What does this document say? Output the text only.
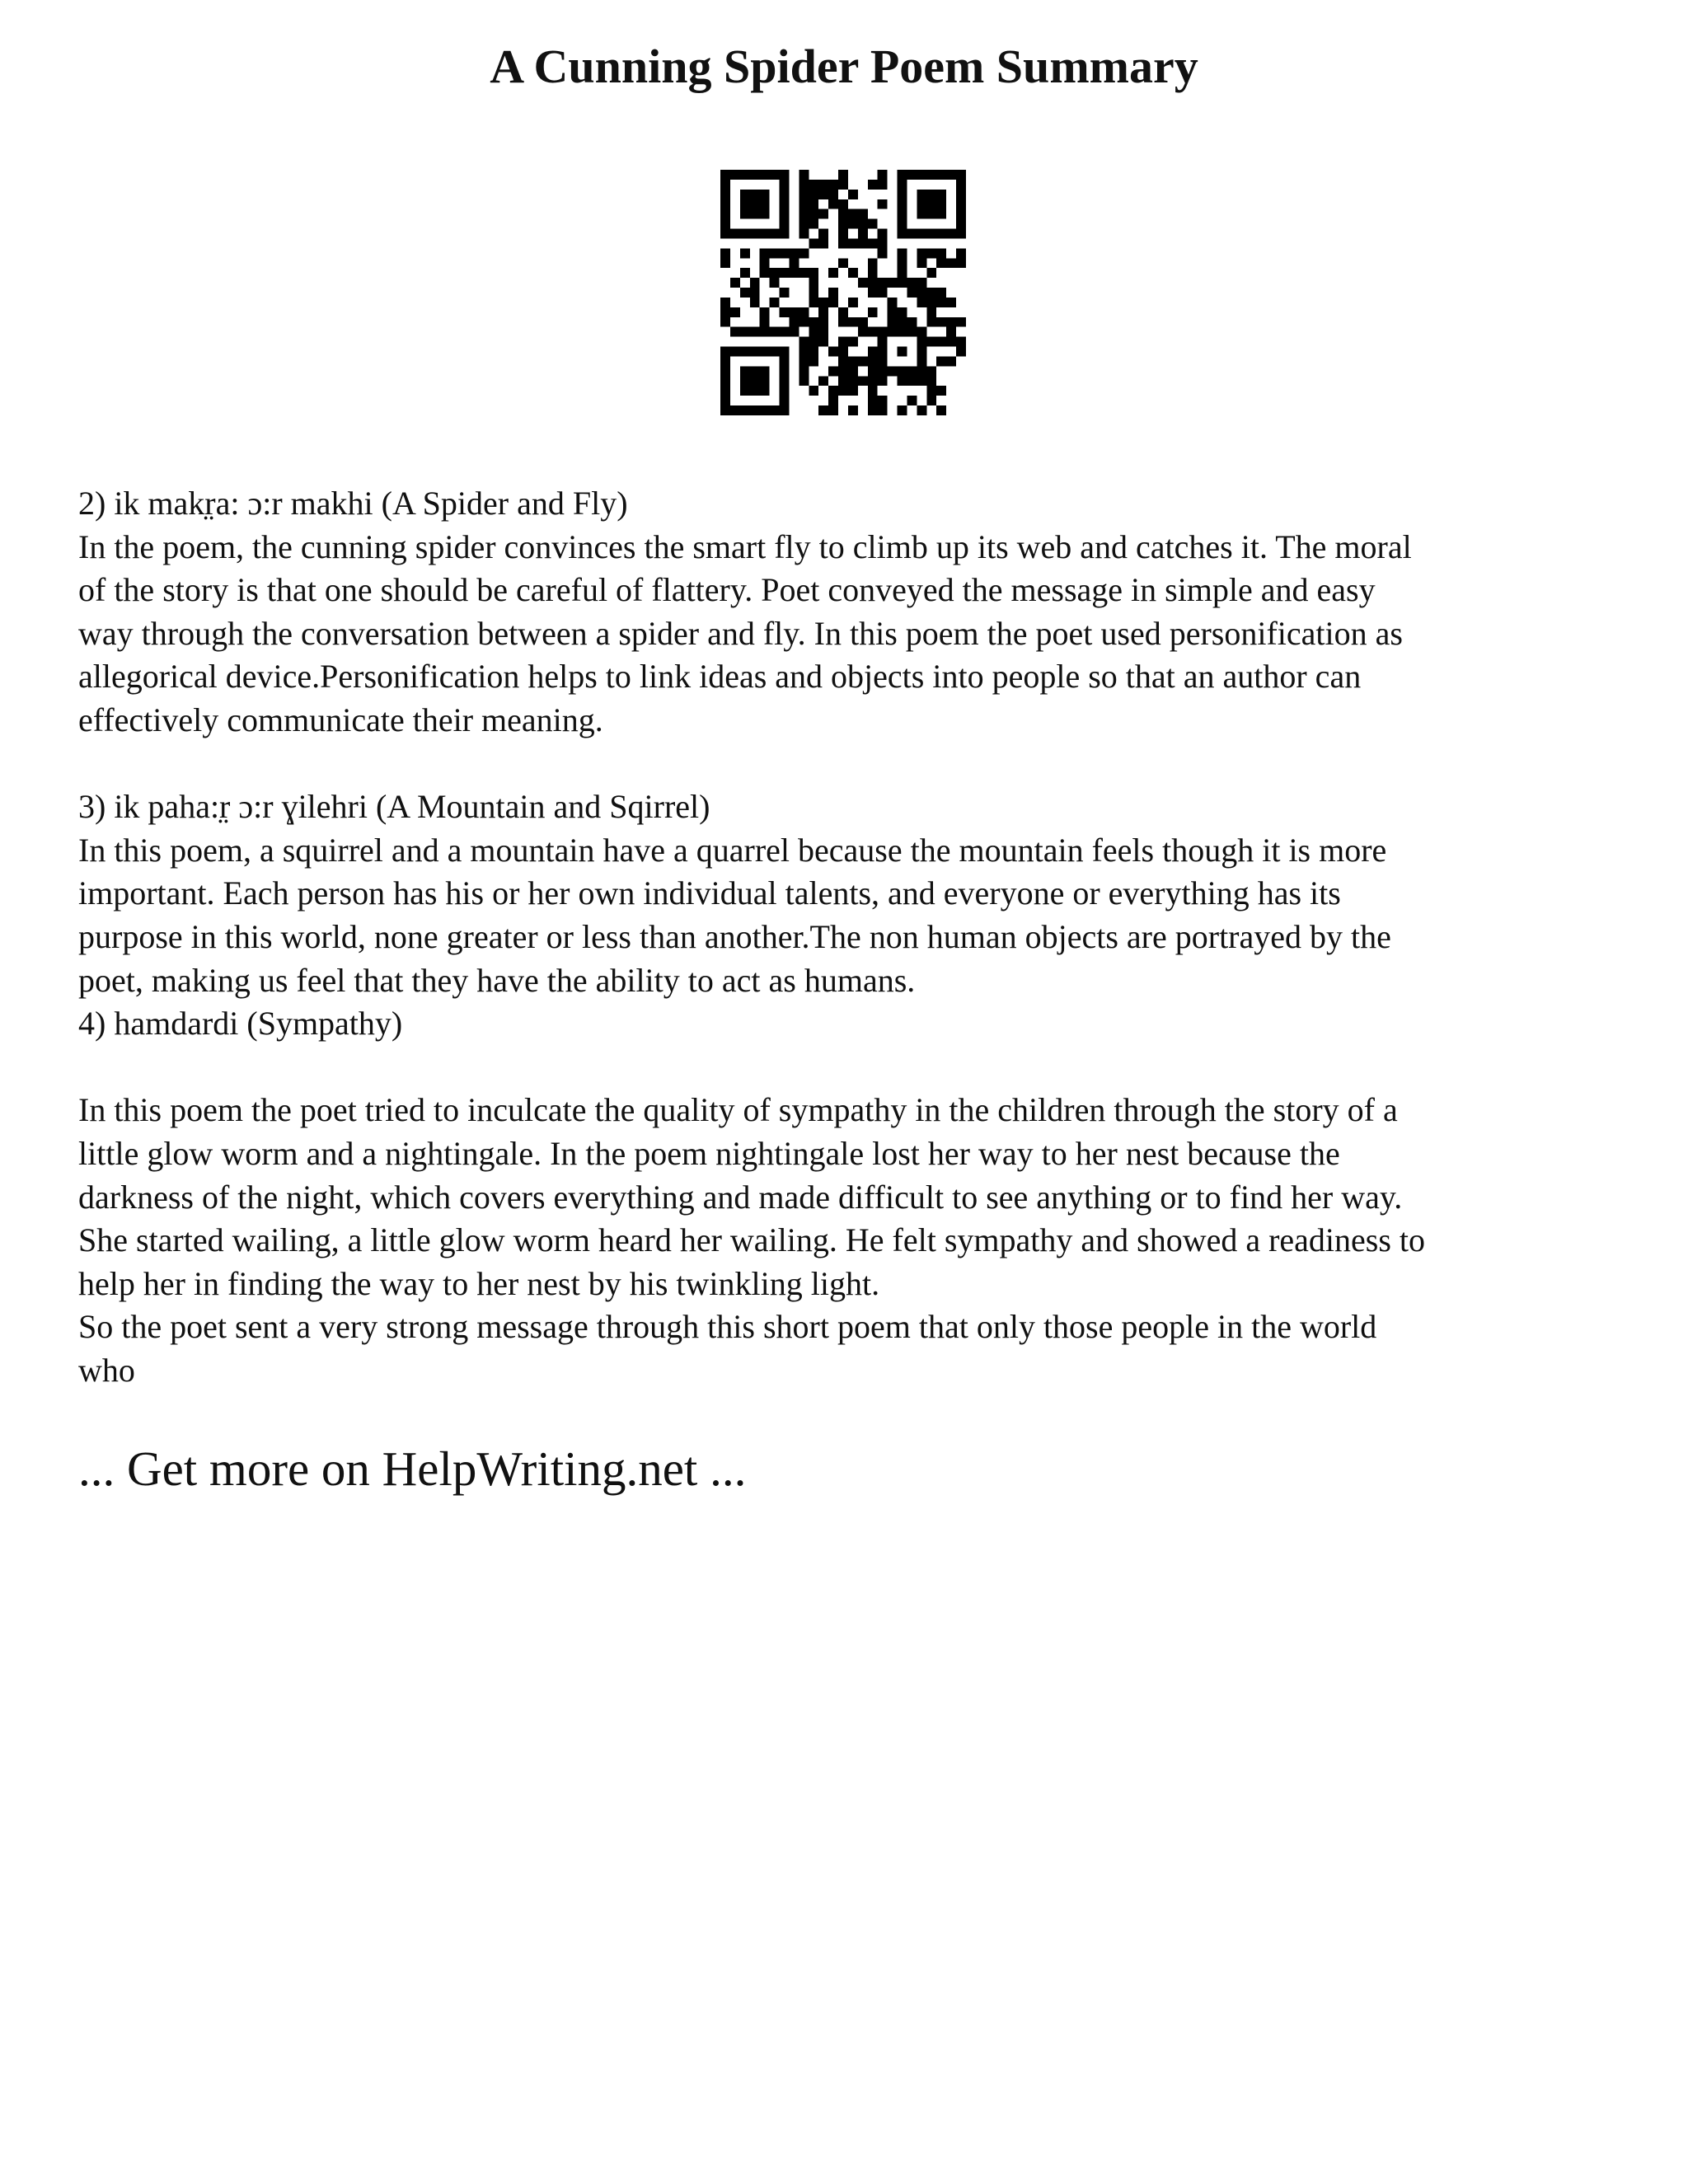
A Cunning Spider Poem Summary

2) ik makr̤a: ɔ:r makhi (A Spider and Fly)

In the poem, the cunning spider convinces the smart fly to climb up its web and catches it. The moral

of the story is that one should be careful of flattery. Poet conveyed the message in simple and easy

way through the conversation between a spider and fly. In this poem the poet used personification as

allegorical device.Personification helps to link ideas and objects into people so that an author can

effectively communicate their meaning.

3) ik paha:r̤ ɔ:r ɣilehri (A Mountain and Sqirrel)

In this poem, a squirrel and a mountain have a quarrel because the mountain feels though it is more

important. Each person has his or her own individual talents, and everyone or everything has its

purpose in this world, none greater or less than another.The non human objects are portrayed by the

poet, making us feel that they have the ability to act as humans.

4) hamdardi (Sympathy)

In this poem the poet tried to inculcate the quality of sympathy in the children through the story of a

little glow worm and a nightingale. In the poem nightingale lost her way to her nest because the

darkness of the night, which covers everything and made difficult to see anything or to find her way.

She started wailing, a little glow worm heard her wailing. He felt sympathy and showed a readiness to

help her in finding the way to her nest by his twinkling light.

So the poet sent a very strong message through this short poem that only those people in the world

who

... Get more on HelpWriting.net ...
